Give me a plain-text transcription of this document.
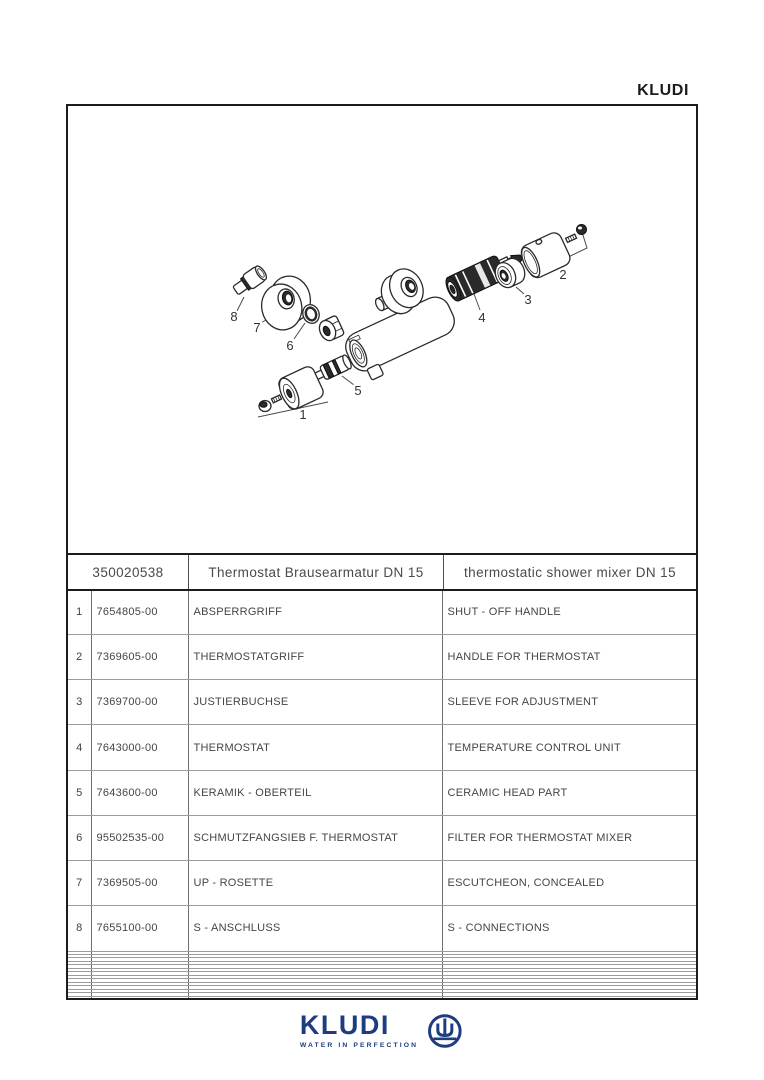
KLUDI
1
2
3
4
5
6
7
8
350020538	Thermostat Brausearmatur DN 15	thermostatic shower mixer DN 15
1	7654805-00	ABSPERRGRIFF	SHUT - OFF HANDLE
2	7369605-00	THERMOSTATGRIFF	HANDLE FOR THERMOSTAT
3	7369700-00	JUSTIERBUCHSE	SLEEVE FOR ADJUSTMENT
4	7643000-00	THERMOSTAT	TEMPERATURE CONTROL UNIT
5	7643600-00	KERAMIK - OBERTEIL	CERAMIC HEAD PART
6	95502535-00	SCHMUTZFANGSIEB F. THERMOSTAT	FILTER FOR THERMOSTAT MIXER
7	7369505-00	UP - ROSETTE	ESCUTCHEON, CONCEALED
8	7655100-00	S - ANSCHLUSS	S - CONNECTIONS

KLUDI
WATER IN PERFECTION
